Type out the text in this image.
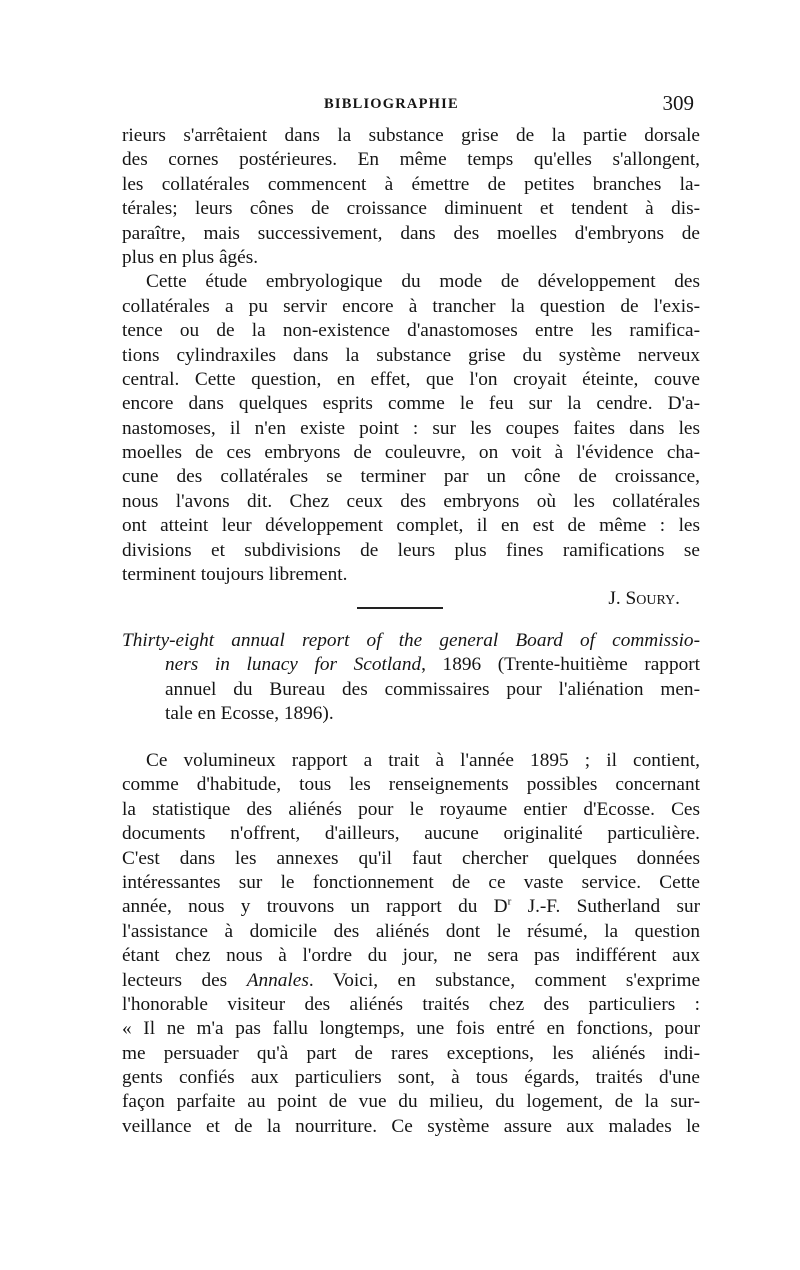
BIBLIOGRAPHIE	309
rieurs s'arrêtaient dans la substance grise de la partie dorsale
des cornes postérieures. En même temps qu'elles s'allongent,
les collatérales commencent à émettre de petites branches la-
térales; leurs cônes de croissance diminuent et tendent à dis-
paraître, mais successivement, dans des moelles d'embryons de
plus en plus âgés.
Cette étude embryologique du mode de développement des
collatérales a pu servir encore à trancher la question de l'exis-
tence ou de la non-existence d'anastomoses entre les ramifica-
tions cylindraxiles dans la substance grise du système nerveux
central. Cette question, en effet, que l'on croyait éteinte, couve
encore dans quelques esprits comme le feu sur la cendre. D'a-
nastomoses, il n'en existe point : sur les coupes faites dans les
moelles de ces embryons de couleuvre, on voit à l'évidence cha-
cune des collatérales se terminer par un cône de croissance,
nous l'avons dit. Chez ceux des embryons où les collatérales
ont atteint leur développement complet, il en est de même : les
divisions et subdivisions de leurs plus fines ramifications se
terminent toujours librement.
J. Soury.
Thirty-eight annual report of the general Board of commissio-
ners in lunacy for Scotland, 1896 (Trente-huitième rapport
annuel du Bureau des commissaires pour l'aliénation men-
tale en Ecosse, 1896).
Ce volumineux rapport a trait à l'année 1895 ; il contient,
comme d'habitude, tous les renseignements possibles concernant
la statistique des aliénés pour le royaume entier d'Ecosse. Ces
documents n'offrent, d'ailleurs, aucune originalité particulière.
C'est dans les annexes qu'il faut chercher quelques données
intéressantes sur le fonctionnement de ce vaste service. Cette
année, nous y trouvons un rapport du $D^r$ J.-F. Sutherland sur
l'assistance à domicile des aliénés dont le résumé, la question
étant chez nous à l'ordre du jour, ne sera pas indifférent aux
lecteurs des Annales. Voici, en substance, comment s'exprime
l'honorable visiteur des aliénés traités chez des particuliers :
« Il ne m'a pas fallu longtemps, une fois entré en fonctions, pour
me persuader qu'à part de rares exceptions, les aliénés indi-
gents confiés aux particuliers sont, à tous égards, traités d'une
façon parfaite au point de vue du milieu, du logement, de la sur-
veillance et de la nourriture. Ce système assure aux malades le
